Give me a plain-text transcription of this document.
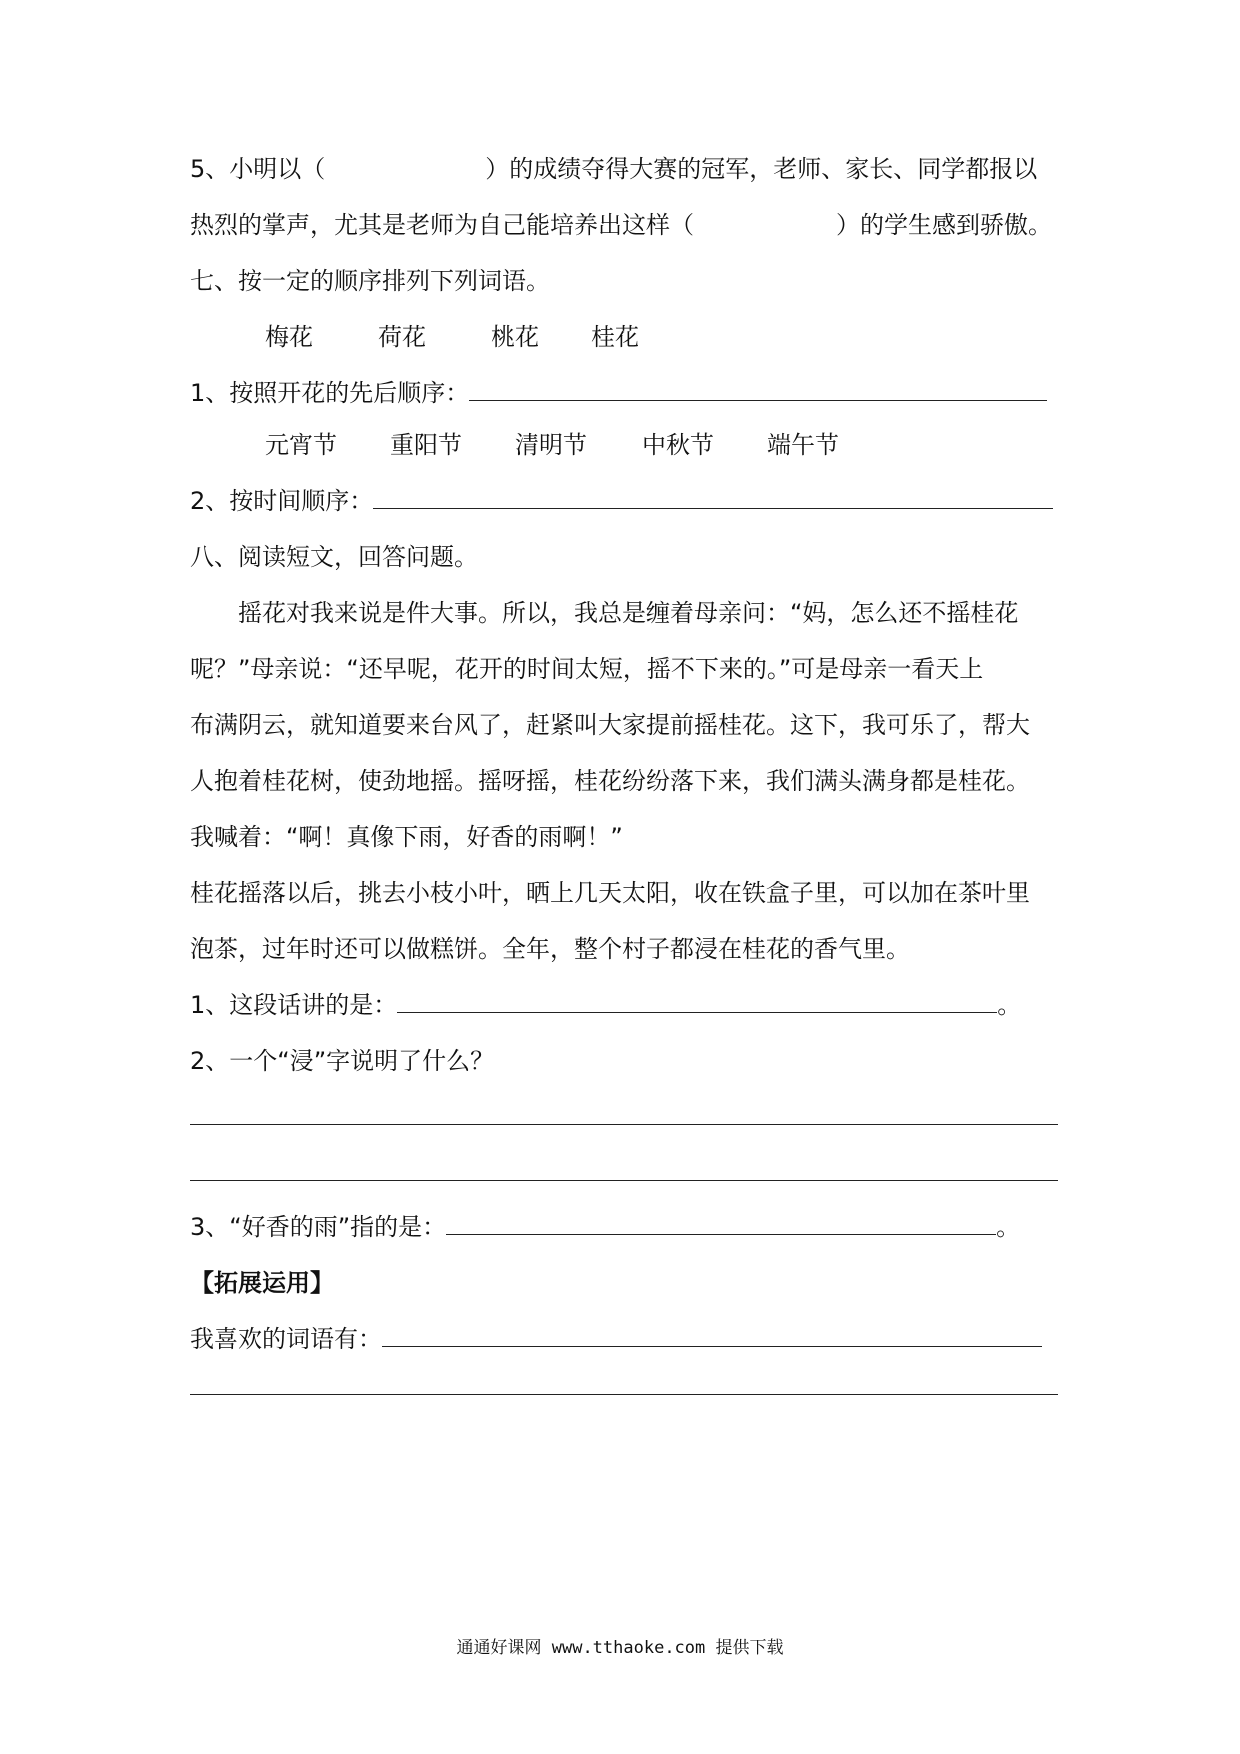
5、小明以（	）的成绩夺得大赛的冠军，老师、家长、同学都报以
热烈的掌声，尤其是老师为自己能培养出这样（	）的学生感到骄傲。
七、按一定的顺序排列下列词语。
梅花	荷花	桃花 桂花
1、按照开花的先后顺序：
元宵节 重阳节 清明节 中秋节 端午节
2、按时间顺序：
八、阅读短文，回答问题。
摇花对我来说是件大事。所以，我总是缠着母亲问：“妈，怎么还不摇桂花
呢？”母亲说：“还早呢，花开的时间太短，摇不下来的。”可是母亲一看天上
布满阴云，就知道要来台风了，赶紧叫大家提前摇桂花。这下，我可乐了，帮大
人抱着桂花树，使劲地摇。摇呀摇，桂花纷纷落下来，我们满头满身都是桂花。
我喊着：“啊！真像下雨，好香的雨啊！”
桂花摇落以后，挑去小枝小叶，晒上几天太阳，收在铁盒子里，可以加在茶叶里
泡茶，过年时还可以做糕饼。全年，整个村子都浸在桂花的香气里。
1、这段话讲的是：	。
2、一个“浸”字说明了什么？
3、“好香的雨”指的是：	。
【拓展运用】
我喜欢的词语有：
通通好课网 www.tthaoke.com 提供下载
